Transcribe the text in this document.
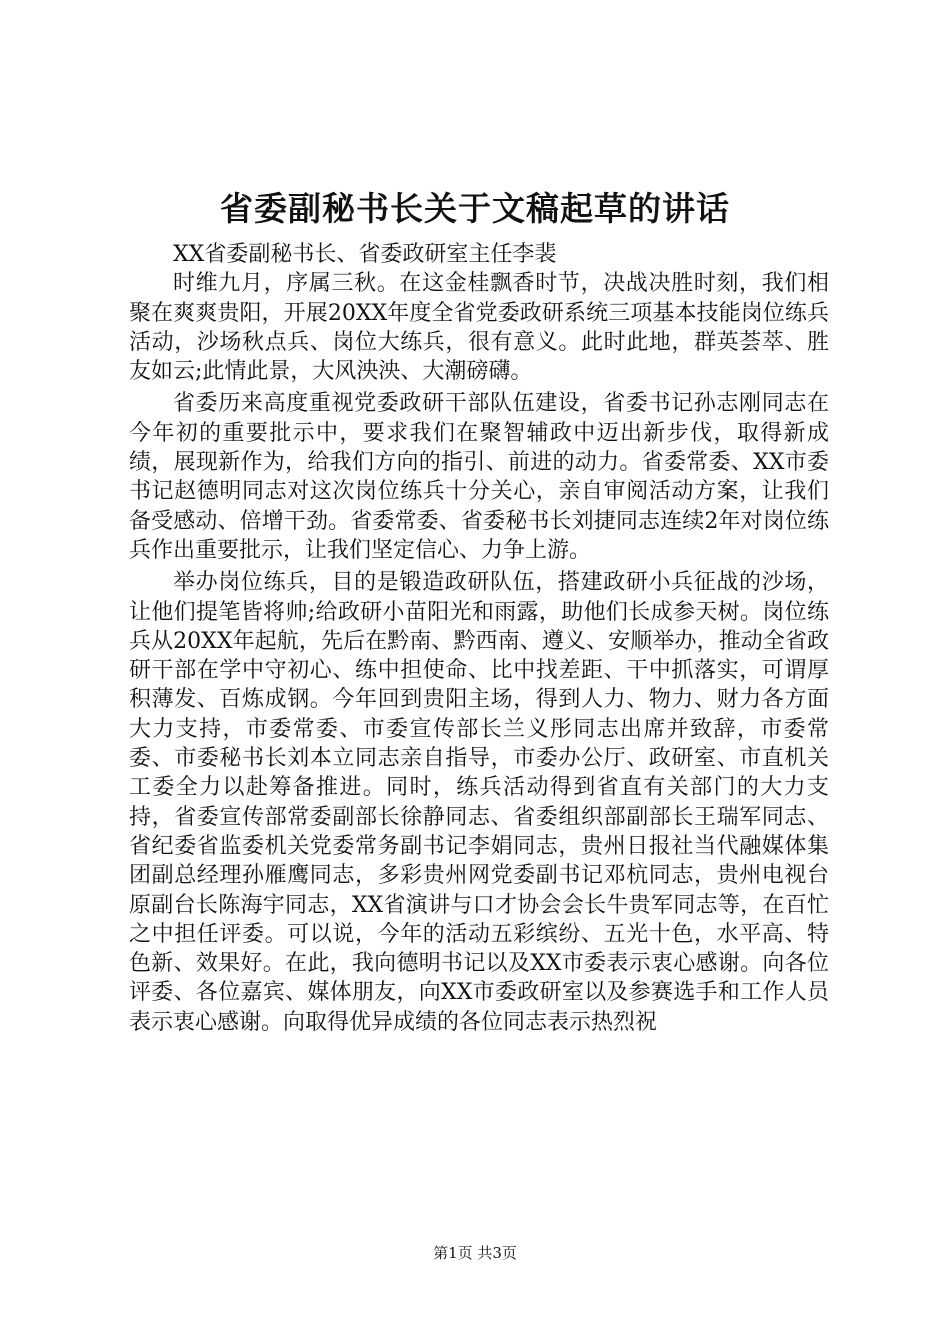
省委副秘书长关于文稿起草的讲话

XX省委副秘书长、省委政研室主任李裴

时维九月，序属三秋。在这金桂飘香时节，决战决胜时刻，我们相聚在爽爽贵阳，开展20XX年度全省党委政研系统三项基本技能岗位练兵活动，沙场秋点兵、岗位大练兵，很有意义。此时此地，群英荟萃、胜友如云;此情此景，大风泱泱、大潮磅礴。

省委历来高度重视党委政研干部队伍建设，省委书记孙志刚同志在今年初的重要批示中，要求我们在聚智辅政中迈出新步伐，取得新成绩，展现新作为，给我们方向的指引、前进的动力。省委常委、XX市委书记赵德明同志对这次岗位练兵十分关心，亲自审阅活动方案，让我们备受感动、倍增干劲。省委常委、省委秘书长刘捷同志连续2年对岗位练兵作出重要批示，让我们坚定信心、力争上游。

举办岗位练兵，目的是锻造政研队伍，搭建政研小兵征战的沙场，让他们提笔皆将帅;给政研小苗阳光和雨露，助他们长成参天树。岗位练兵从20XX年起航，先后在黔南、黔西南、遵义、安顺举办，推动全省政研干部在学中守初心、练中担使命、比中找差距、干中抓落实，可谓厚积薄发、百炼成钢。今年回到贵阳主场，得到人力、物力、财力各方面大力支持，市委常委、市委宣传部长兰义彤同志出席并致辞，市委常委、市委秘书长刘本立同志亲自指导，市委办公厅、政研室、市直机关工委全力以赴筹备推进。同时，练兵活动得到省直有关部门的大力支持，省委宣传部常委副部长徐静同志、省委组织部副部长王瑞军同志、省纪委省监委机关党委常务副书记李娟同志，贵州日报社当代融媒体集团副总经理孙雁鹰同志，多彩贵州网党委副书记邓杭同志，贵州电视台原副台长陈海宇同志，XX省演讲与口才协会会长牛贵军同志等，在百忙之中担任评委。可以说，今年的活动五彩缤纷、五光十色，水平高、特色新、效果好。在此，我向德明书记以及XX市委表示衷心感谢。向各位评委、各位嘉宾、媒体朋友，向XX市委政研室以及参赛选手和工作人员表示衷心感谢。向取得优异成绩的各位同志表示热烈祝

第1页 共3页
